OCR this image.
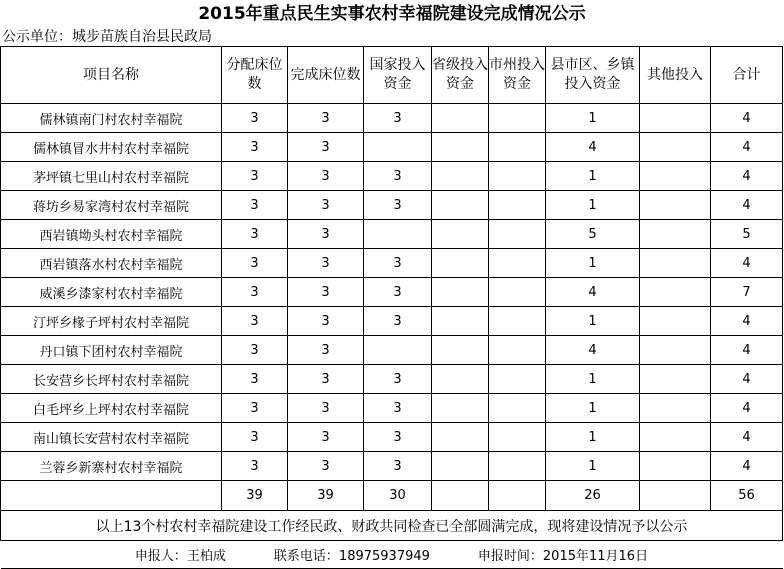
2015年重点民生实事农村幸福院建设完成情况公示
公示单位：城步苗族自治县民政局
项目名称	分配床位数	完成床位数	国家投入资金	省级投入资金	市州投入资金	县市区、乡镇投入资金	其他投入	合计
儒林镇南门村农村幸福院	3	3	3			1		4
儒林镇冒水井村农村幸福院	3	3				4		4
茅坪镇七里山村农村幸福院	3	3	3			1		4
蒋坊乡易家湾村农村幸福院	3	3	3			1		4
西岩镇坳头村农村幸福院	3	3				5		5
西岩镇落水村农村幸福院	3	3	3			1		4
威溪乡漆家村农村幸福院	3	3	3			4		7
汀坪乡椽子坪村农村幸福院	3	3	3			1		4
丹口镇下团村农村幸福院	3	3				4		4
长安营乡长坪村农村幸福院	3	3	3			1		4
白毛坪乡上坪村农村幸福院	3	3	3			1		4
南山镇长安营村农村幸福院	3	3	3			1		4
兰蓉乡新寨村农村幸福院	3	3	3			1		4
	39	39	30			26		56
以上13个村农村幸福院建设工作经民政、财政共同检查已全部圆满完成，现将建设情况予以公示								

申报人：王柏成 联系电话：18975937949 申报时间：2015年11月16日								
